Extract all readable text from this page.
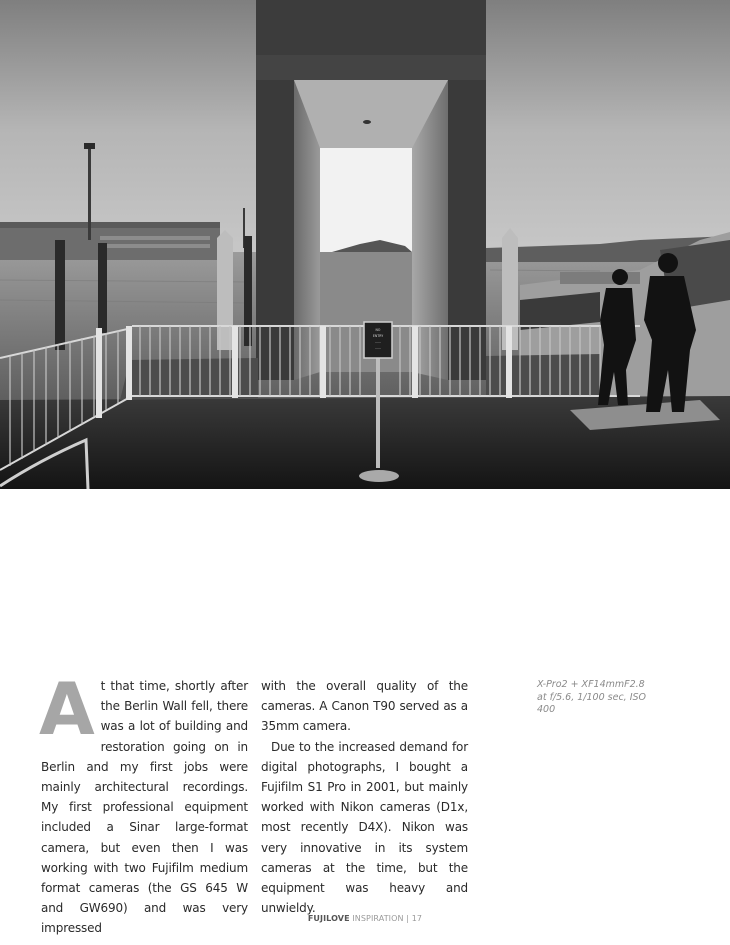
NO
ENTRY
......
......
A t that time, shortly after the Berlin Wall fell, there was a lot of building and restoration going on in Berlin and my first jobs were mainly architectural recordings. My first professional equipment included a Sinar large-format camera, but even then I was working with two Fujifilm medium format cameras (the GS 645 W and GW690) and was very impressed

with the overall quality of the cameras. A Canon T90 served as a 35mm camera.

Due to the increased demand for digital photographs, I bought a Fujifilm S1 Pro in 2001, but mainly worked with Nikon cameras (D1x, most recently D4X). Nikon was very innovative in its system cameras at the time, but the equipment was heavy and unwieldy.

X-Pro2 + XF14mmF2.8 at f/5.6, 1/100 sec, ISO 400
FUJILOVE INSPIRATION | 17
